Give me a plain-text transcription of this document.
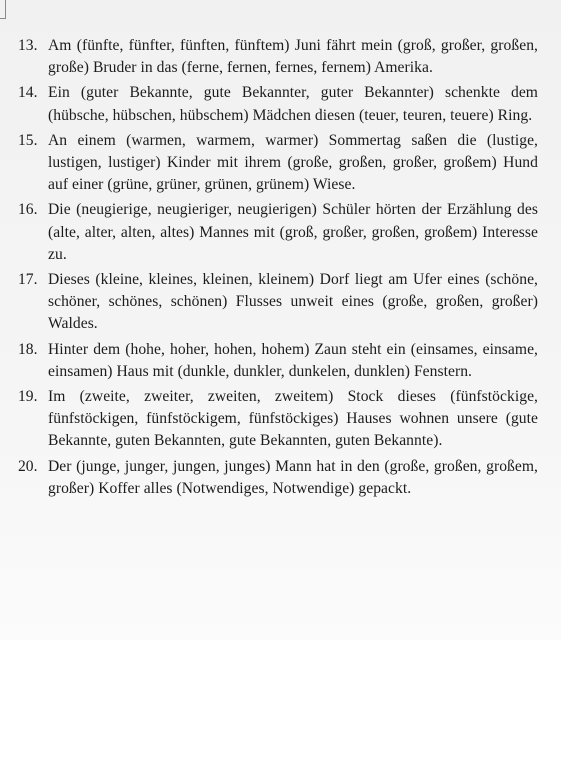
13. Am (fünfte, fünfter, fünften, fünftem) Juni fährt mein (groß, großer, großen, große) Bruder in das (ferne, fernen, fernes, fernem) Amerika.
14. Ein (guter Bekannte, gute Bekannter, guter Bekannter) schenkte dem (hübsche, hübschen, hübschem) Mädchen diesen (teuer, teuren, teuere) Ring.
15. An einem (warmen, warmem, warmer) Sommertag saßen die (lustige, lustigen, lustiger) Kinder mit ihrem (große, großen, großer, großem) Hund auf einer (grüne, grüner, grünen, grünem) Wiese.
16. Die (neugierige, neugieriger, neugierigen) Schüler hörten der Erzählung des (alte, alter, alten, altes) Mannes mit (groß, großer, großen, großem) Interesse zu.
17. Dieses (kleine, kleines, kleinen, kleinem) Dorf liegt am Ufer eines (schöne, schöner, schönes, schönen) Flusses unweit eines (große, großen, großer) Waldes.
18. Hinter dem (hohe, hoher, hohen, hohem) Zaun steht ein (einsames, einsame, einsamen) Haus mit (dunkle, dunkler, dunkelen, dunklen) Fenstern.
19. Im (zweite, zweiter, zweiten, zweitem) Stock dieses (fünfstöckige, fünfstöckigen, fünfstöckigem, fünfstöckiges) Hauses wohnen unsere (gute Bekannte, guten Bekannten, gute Bekannten, guten Bekannte).
20. Der (junge, junger, jungen, junges) Mann hat in den (große, großen, großem, großer) Koffer alles (Notwendiges, Notwendige) gepackt.
